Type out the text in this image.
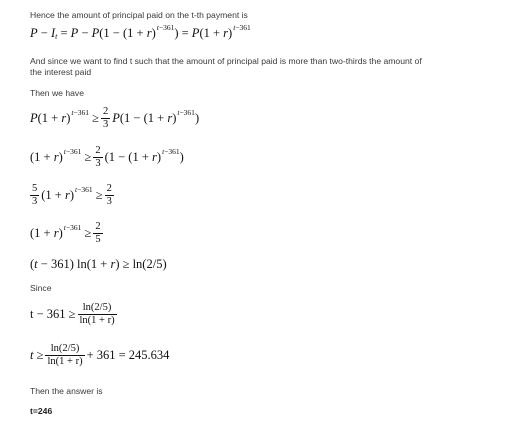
Hence the amount of principal paid on the t-th payment is
P − I t = P − P (1 − (1 + r ) t−361 ) = P (1 + r ) t−361
And since we want to find t such that the amount of principal paid is more than two-thirds the amount of
the interest paid
Then we have
P (1 + r ) $t-361 \ge \frac{2}{3}$ P (1 − (1 + r ) t−361 )
(1 + r ) $t-361 \ge \frac{2}{3} (1 - (1 + r$ ) t−361 )
$\frac{5}{3} (1 + r$ ) $t-361 \ge \frac{2}{3}$
(1 + r ) $t-361 \ge \frac{2}{5}$
( t − 361) ln(1 + r ) ≥ ln(2/5)
Since
$t - 361 \ge \frac{\ln(2/5)}{\ln(1 + r)}$
$t \ge \frac{\ln(2/5)}{\ln(1 + r)} + 361 = 245.634$
Then the answer is
t=246
